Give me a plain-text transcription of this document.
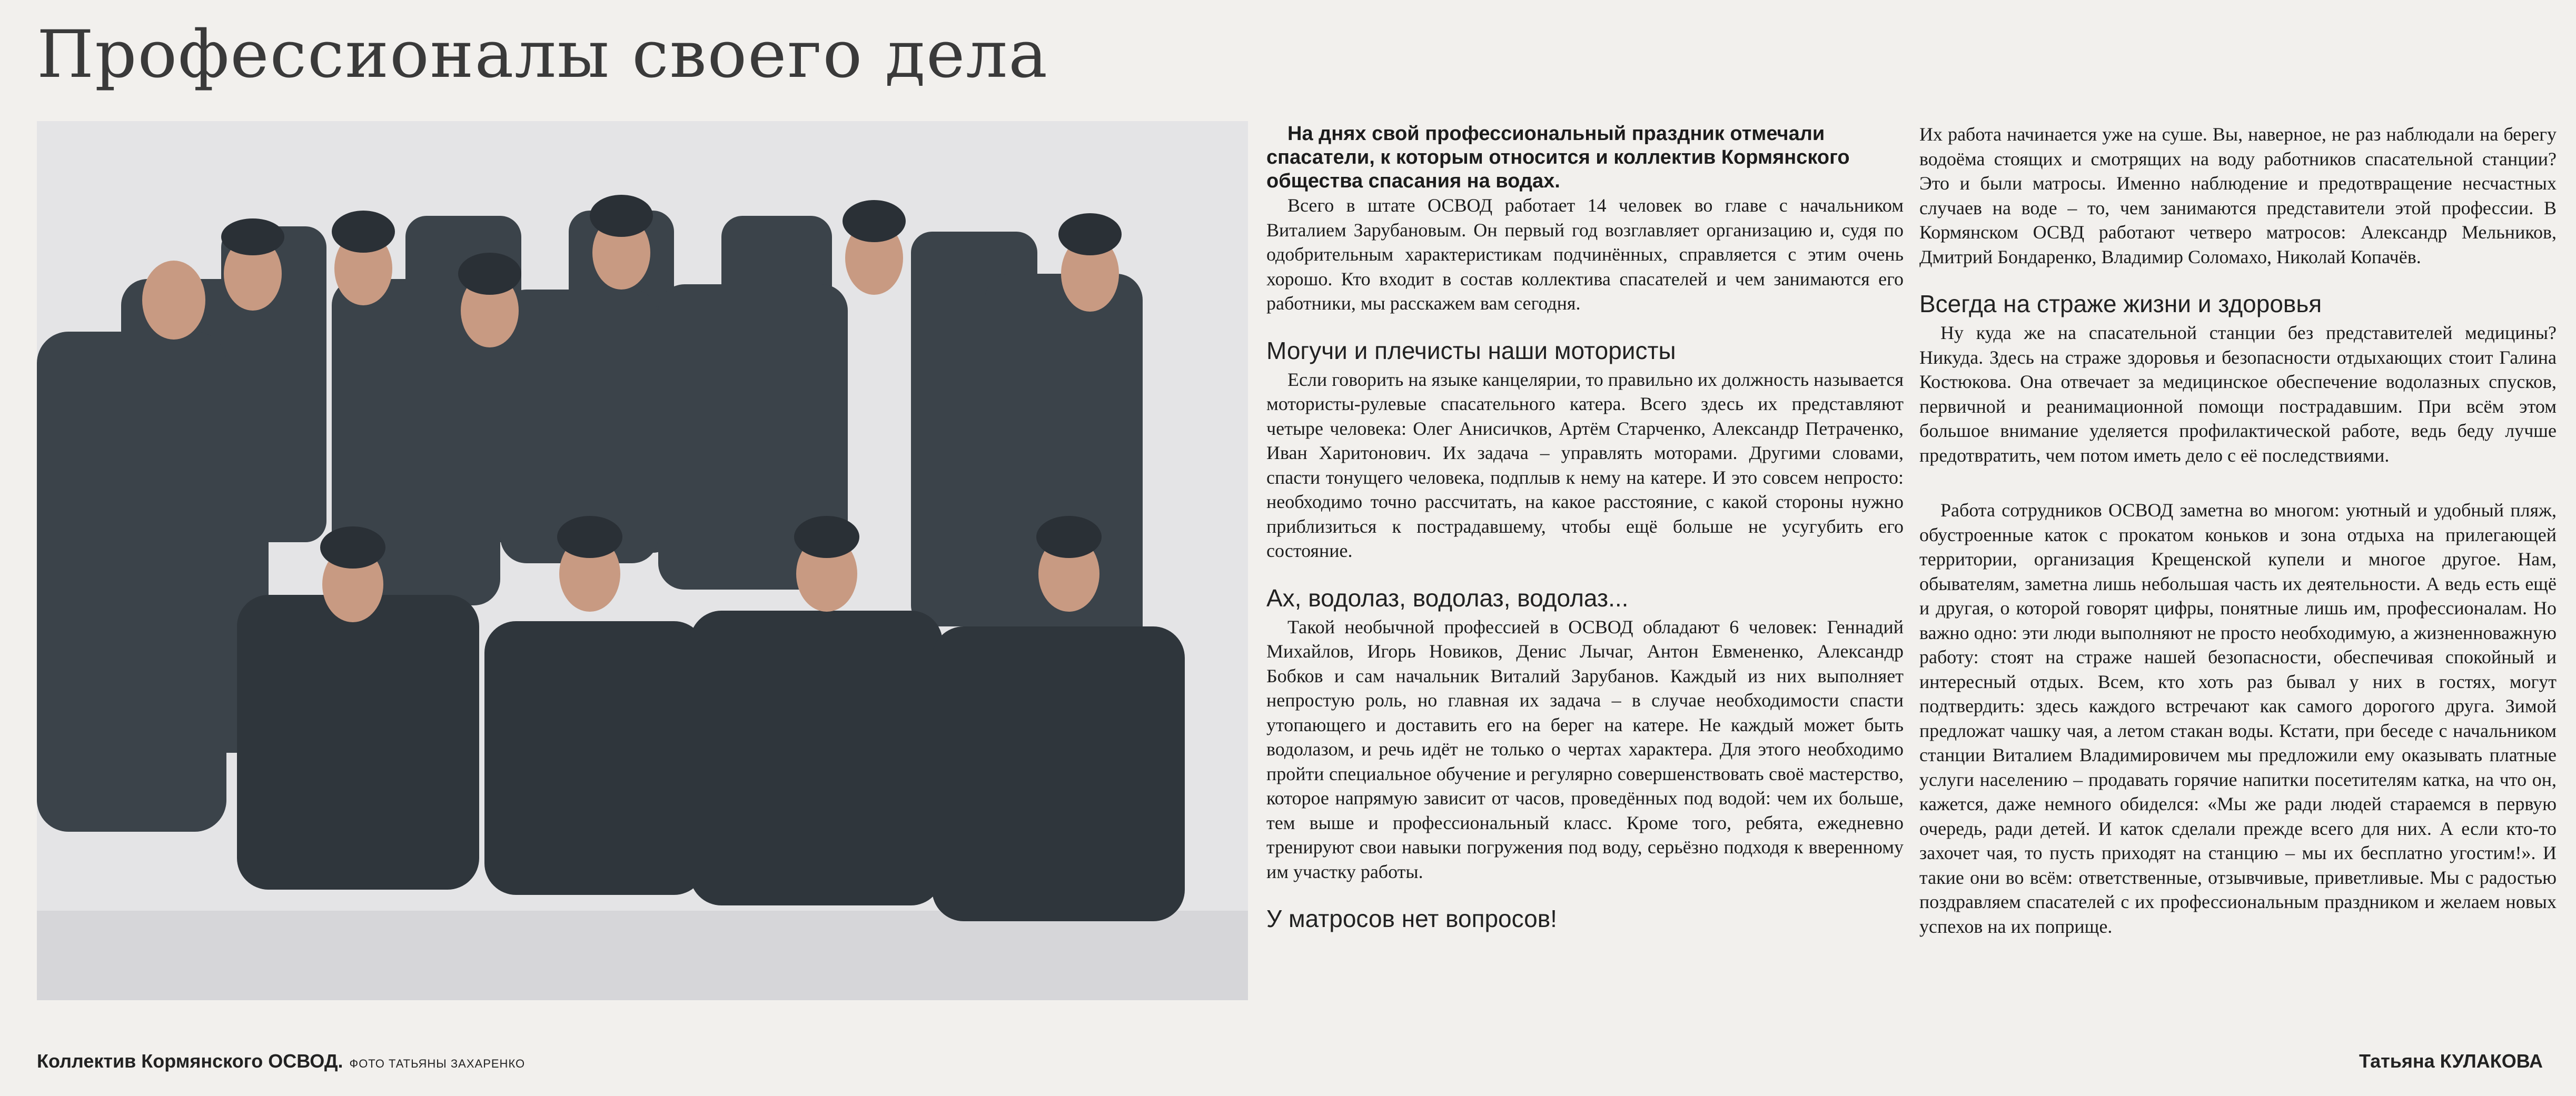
Профессионалы своего дела
Коллектив Кормянского ОСВОД. ФОТО ТАТЬЯНЫ ЗАХАРЕНКО

На днях свой профессиональный праздник отмечали спасатели, к которым относится и коллектив Кормянского общества спасания на водах.

Всего в штате ОСВОД работает 14 человек во главе с начальником Виталием Зарубановым. Он первый год возглавляет организацию и, судя по одобрительным характеристикам подчинённых, справляется с этим очень хорошо. Кто входит в состав коллектива спасателей и чем занимаются его работники, мы расскажем вам сегодня.

Могучи и плечисты наши мотористы

Если говорить на языке канцелярии, то правильно их должность называется мотористы-рулевые спасательного катера. Всего здесь их представляют четыре человека: Олег Анисичков, Артём Старченко, Александр Петраченко, Иван Харитонович. Их задача – управлять моторами. Другими словами, спасти тонущего человека, подплыв к нему на катере. И это совсем непросто: необходимо точно рассчитать, на какое расстояние, с какой стороны нужно приблизиться к пострадавшему, чтобы ещё больше не усугубить его состояние.

Ах, водолаз, водолаз, водолаз...

Такой необычной профессией в ОСВОД обладают 6 человек: Геннадий Михайлов, Игорь Новиков, Денис Лычаг, Антон Евмененко, Александр Бобков и сам начальник Виталий Зарубанов. Каждый из них выполняет непростую роль, но главная их задача – в случае необходимости спасти утопающего и доставить его на берег на катере. Не каждый может быть водолазом, и речь идёт не только о чертах характера. Для этого необходимо пройти специальное обучение и регулярно совершенствовать своё мастерство, которое напрямую зависит от часов, проведённых под водой: чем их больше, тем выше и профессиональный класс. Кроме того, ребята, ежедневно тренируют свои навыки погружения под воду, серьёзно подходя к вверенному им участку работы.

У матросов нет вопросов!

Их работа начинается уже на суше. Вы, наверное, не раз наблюдали на берегу водоёма стоящих и смотрящих на воду работников спасательной станции? Это и были матросы. Именно наблюдение и предотвращение несчастных случаев на воде – то, чем занимаются представители этой профессии. В Кормянском ОСВД работают четверо матросов: Александр Мельников, Дмитрий Бондаренко, Владимир Соломахо, Николай Копачёв.

Всегда на страже жизни и здоровья

Ну куда же на спасательной станции без представителей медицины? Никуда. Здесь на страже здоровья и безопасности отдыхающих стоит Галина Костюкова. Она отвечает за медицинское обеспечение водолазных спусков, первичной и реанимационной помощи пострадавшим. При всём этом большое внимание уделяется профилактической работе, ведь беду лучше предотвратить, чем потом иметь дело с её последствиями.

Работа сотрудников ОСВОД заметна во многом: уютный и удобный пляж, обустроенные каток с прокатом коньков и зона отдыха на прилегающей территории, организация Крещенской купели и многое другое. Нам, обывателям, заметна лишь небольшая часть их деятельности. А ведь есть ещё и другая, о которой говорят цифры, понятные лишь им, профессионалам. Но важно одно: эти люди выполняют не просто необходимую, а жизненноважную работу: стоят на страже нашей безопасности, обеспечивая спокойный и интересный отдых. Всем, кто хоть раз бывал у них в гостях, могут подтвердить: здесь каждого встречают как самого дорогого друга. Зимой предложат чашку чая, а летом стакан воды. Кстати, при беседе с начальником станции Виталием Владимировичем мы предложили ему оказывать платные услуги населению – продавать горячие напитки посетителям катка, на что он, кажется, даже немного обиделся: «Мы же ради людей стараемся в первую очередь, ради детей. И каток сделали прежде всего для них. А если кто-то захочет чая, то пусть приходят на станцию – мы их бесплатно угостим!». И такие они во всём: ответственные, отзывчивые, приветливые. Мы с радостью поздравляем спасателей с их профессиональным праздником и желаем новых успехов на их поприще.

Татьяна КУЛАКОВА
